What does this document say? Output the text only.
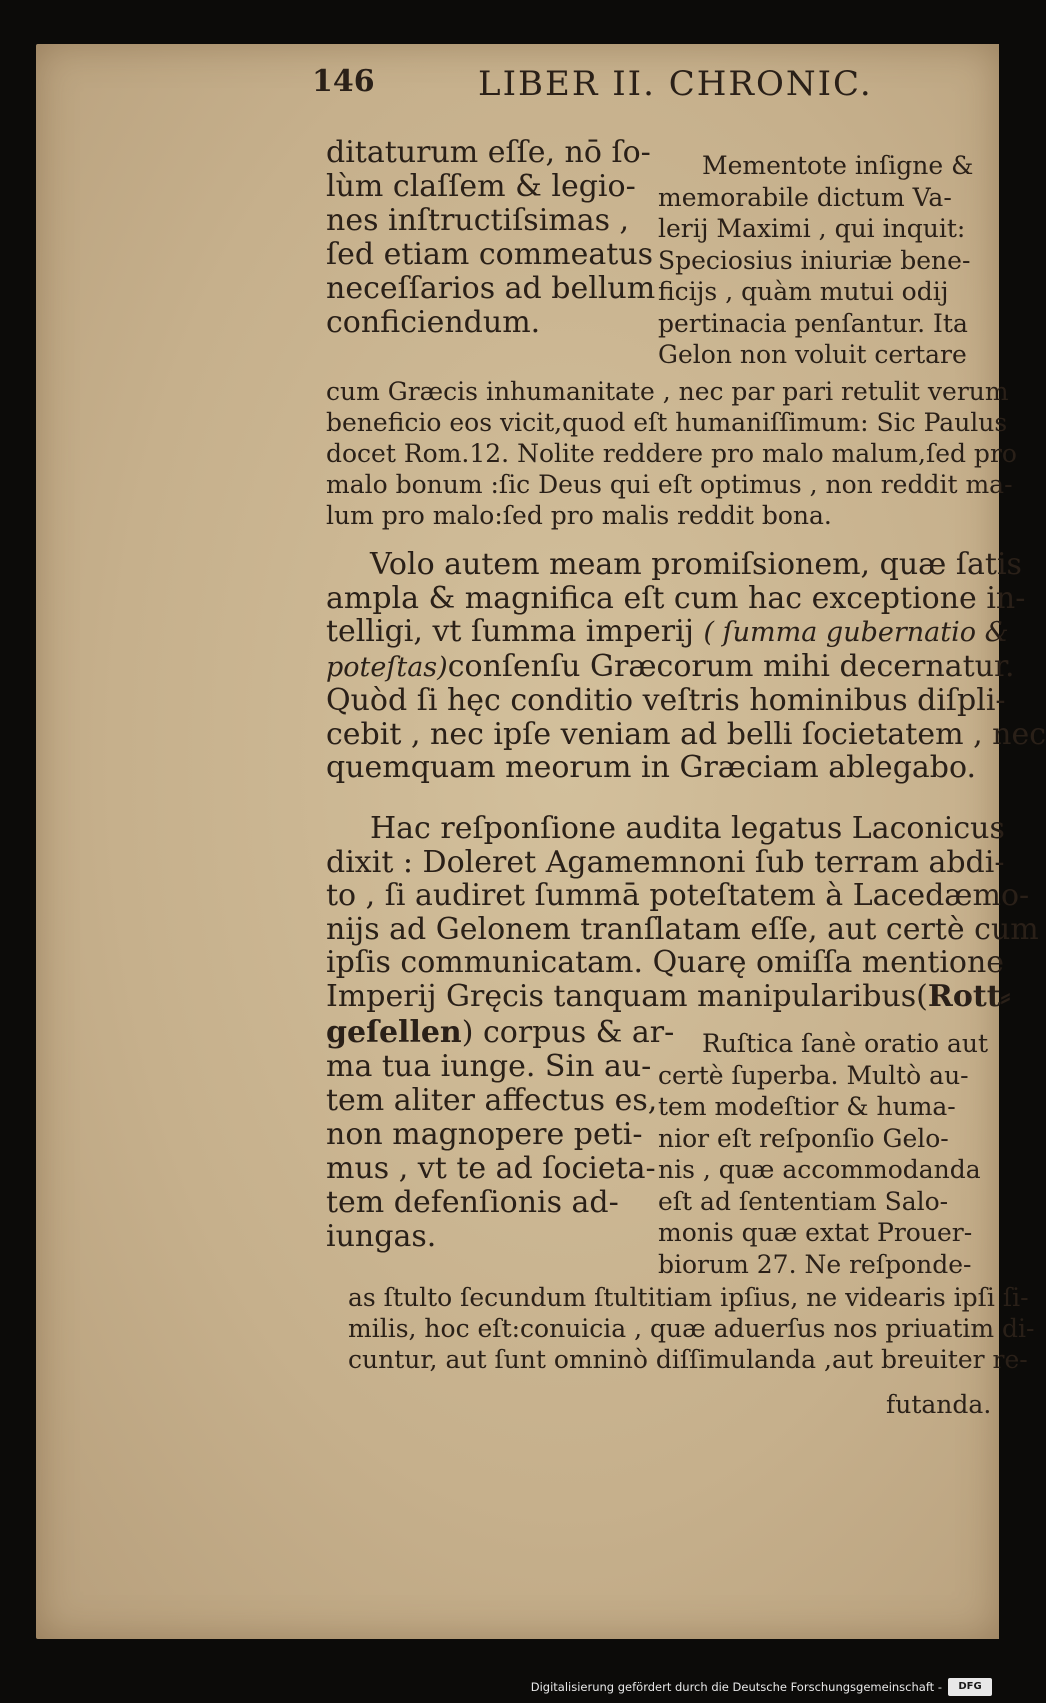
146	LIBER II. CHRONIC.
ditaturum eſſe, nō ſo-
lùm claſſem & legio-
nes inſtructiſsimas ,
ſed etiam commeatus
neceſſarios ad bellum
conficiendum.
Mementote inſigne &
memorabile dictum Va-
lerij Maximi , qui inquit:
Speciosius iniuriæ bene-
ficijs , quàm mutui odij
pertinacia penſantur. Ita
Gelon non voluit certare
cum Græcis inhumanitate , nec par pari retulit verum
beneficio eos vicit,quod eſt humaniſſimum: Sic Paulus
docet Rom.12. Nolite reddere pro malo malum,ſed pro
malo bonum :ſic Deus qui eſt optimus , non reddit ma-
lum pro malo:ſed pro malis reddit bona.
Volo autem meam promiſsionem, quæ ſatis
ampla & magnifica eſt cum hac exceptione in-
telligi, vt ſumma imperij ( ſumma gubernatio &
poteſtas)conſenſu Græcorum mihi decernatur.
Quòd ſi hęc conditio veſtris hominibus diſpli-
cebit , nec ipſe veniam ad belli ſocietatem , nec
quemquam meorum in Græciam ablegabo.
Hac reſponſione audita legatus Laconicus
dixit : Doleret Agamemnoni ſub terram abdi-
to , ſi audiret ſummā poteſtatem à Lacedæmo-
nijs ad Gelonem tranſlatam eſſe, aut certè cum
ipſis communicatam. Quarę omiſſa mentione
Imperij Gręcis tanquam manipularibus(Rott⸗
geſellen) corpus & ar-
ma tua iunge. Sin au-
tem aliter affectus es,
non magnopere peti-
mus , vt te ad ſocieta-
tem defenſionis ad-
iungas.
Ruſtica ſanè oratio aut
certè ſuperba. Multò au-
tem modeſtior & huma-
nior eſt reſponſio Gelo-
nis , quæ accommodanda
eſt ad ſententiam Salo-
monis quæ extat Prouer-
biorum 27. Ne reſponde-
as ſtulto ſecundum ſtultitiam ipſius, ne videaris ipſi ſi-
milis, hoc eſt:conuicia , quæ aduerſus nos priuatim di-
cuntur, aut ſunt omninò diſſimulanda ,aut breuiter re-
futanda.
Digitalisierung gefördert durch die Deutsche Forschungsgemeinschaft -	DFG
